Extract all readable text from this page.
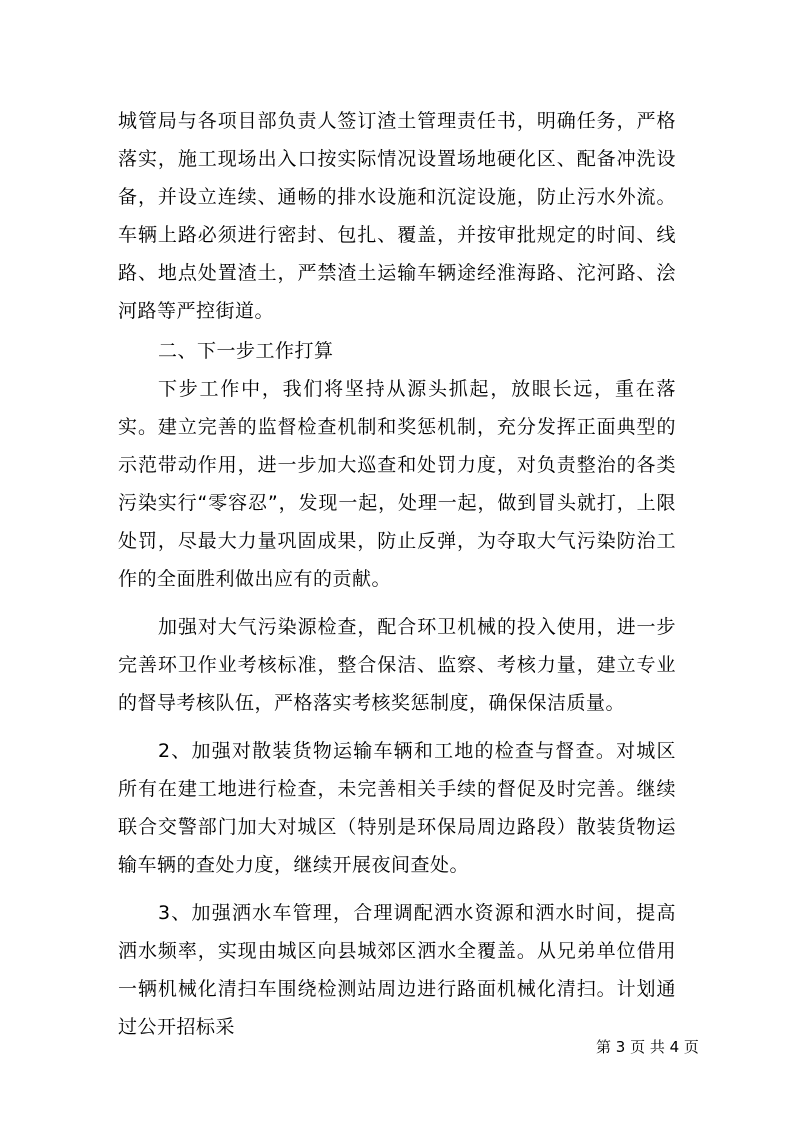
城管局与各项目部负责人签订渣土管理责任书，明确任务，严格落实，施工现场出入口按实际情况设置场地硬化区、配备冲洗设备，并设立连续、通畅的排水设施和沉淀设施，防止污水外流。车辆上路必须进行密封、包扎、覆盖，并按审批规定的时间、线路、地点处置渣土，严禁渣土运输车辆途经淮海路、沱河路、浍河路等严控街道。

二、下一步工作打算

下步工作中，我们将坚持从源头抓起，放眼长远，重在落实。建立完善的监督检查机制和奖惩机制，充分发挥正面典型的示范带动作用，进一步加大巡查和处罚力度，对负责整治的各类污染实行“零容忍”，发现一起，处理一起，做到冒头就打，上限处罚，尽最大力量巩固成果，防止反弹，为夺取大气污染防治工作的全面胜利做出应有的贡献。

加强对大气污染源检查，配合环卫机械的投入使用，进一步完善环卫作业考核标准，整合保洁、监察、考核力量，建立专业的督导考核队伍，严格落实考核奖惩制度，确保保洁质量。

2、加强对散装货物运输车辆和工地的检查与督查。对城区所有在建工地进行检查，未完善相关手续的督促及时完善。继续联合交警部门加大对城区（特别是环保局周边路段）散装货物运输车辆的查处力度，继续开展夜间查处。

3、加强洒水车管理，合理调配洒水资源和洒水时间，提高洒水频率，实现由城区向县城郊区洒水全覆盖。从兄弟单位借用一辆机械化清扫车围绕检测站周边进行路面机械化清扫。计划通过公开招标采

第 3 页 共 4 页
